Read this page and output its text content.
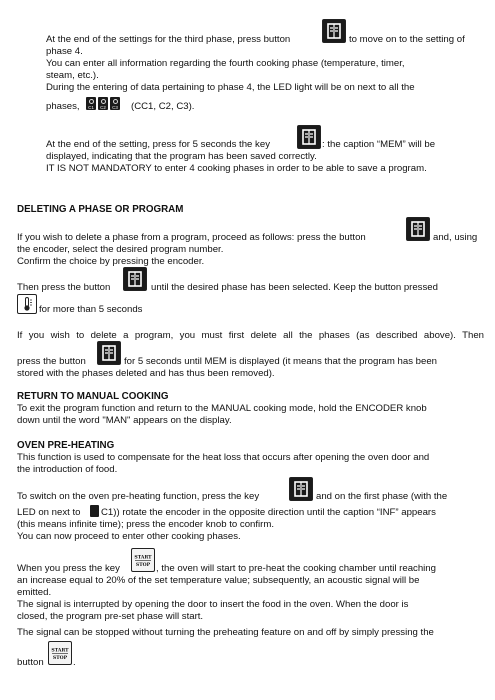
At the end of the settings for the third phase, press button	to move on to the setting of
phase 4.
You can enter all information regarding the fourth cooking phase (temperature, timer,
steam, etc.).
During the entering of data pertaining to phase 4, the LED light will be on next to all the
phases,	C1	C2	C3 (CC1, C2, C3).
At the end of the setting, press for 5 seconds the key	: the caption “MEM” will be
displayed, indicating that the program has been saved correctly.
IT IS NOT MANDATORY to enter 4 cooking phases in order to be able to save a program.
DELETING A PHASE OR PROGRAM
If you wish to delete a phase from a program, proceed as follows: press the button	and, using
the encoder, select the desired program number.
Confirm the choice by pressing the encoder.
Then press the button	until the desired phase has been selected. Keep the button pressed
for more than 5 seconds
If you wish to delete a program, you must first delete all the phases (as described above). Then
press the button	for 5 seconds until MEM is displayed (it means that the program has been
stored with the phases deleted and has thus been removed).
RETURN TO MANUAL COOKING
To exit the program function and return to the MANUAL cooking mode, hold the ENCODER knob
down until the word "MAN" appears on the display.
OVEN PRE-HEATING
This function is used to compensate for the heat loss that occurs after opening the oven door and
the introduction of food.
To switch on the oven pre-heating function, press the key	and on the first phase (with the
LED on next to C1)) rotate the encoder in the opposite direction until the caption “INF” appears
(this means infinite time); press the encoder knob to confirm.
You can now proceed to enter other cooking phases.
When you press the key
START
STOP , the oven will start to pre-heat the cooking chamber until reaching
an increase equal to 20% of the set temperature value; subsequently, an acoustic signal will be
emitted.
The signal is interrupted by opening the door to insert the food in the oven. When the door is
closed, the program pre-set phase will start.
The signal can be stopped without turning the preheating feature on and off by simply pressing the
button
START
STOP .
